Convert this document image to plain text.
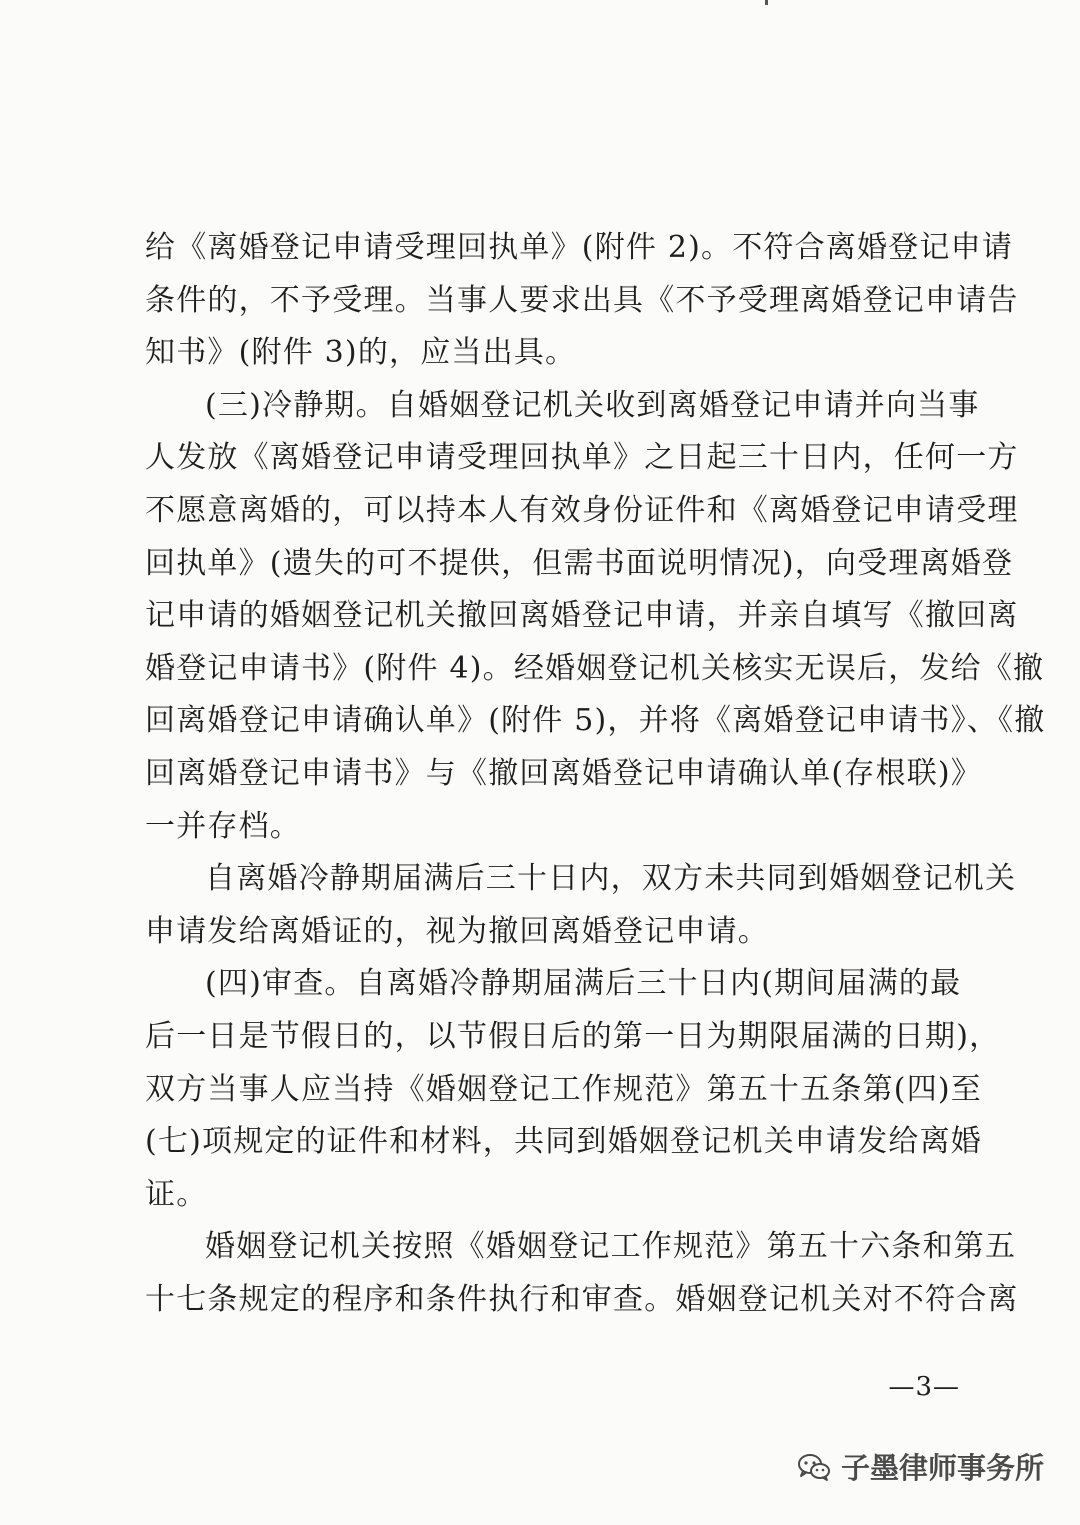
给《离婚登记申请受理回执单》(附件 2)。不符合离婚登记申请
条件的，不予受理。当事人要求出具《不予受理离婚登记申请告
知书》(附件 3)的，应当出具。
(三)冷静期。自婚姻登记机关收到离婚登记申请并向当事
人发放《离婚登记申请受理回执单》之日起三十日内，任何一方
不愿意离婚的，可以持本人有效身份证件和《离婚登记申请受理
回执单》(遗失的可不提供，但需书面说明情况)，向受理离婚登
记申请的婚姻登记机关撤回离婚登记申请，并亲自填写《撤回离
婚登记申请书》(附件 4)。经婚姻登记机关核实无误后，发给《撤
回离婚登记申请确认单》(附件 5)，并将《离婚登记申请书》、《撤
回离婚登记申请书》与《撤回离婚登记申请确认单(存根联)》
一并存档。
自离婚冷静期届满后三十日内，双方未共同到婚姻登记机关
申请发给离婚证的，视为撤回离婚登记申请。
(四)审查。自离婚冷静期届满后三十日内(期间届满的最
后一日是节假日的，以节假日后的第一日为期限届满的日期)，
双方当事人应当持《婚姻登记工作规范》第五十五条第(四)至
(七)项规定的证件和材料，共同到婚姻登记机关申请发给离婚
证。
婚姻登记机关按照《婚姻登记工作规范》第五十六条和第五
十七条规定的程序和条件执行和审查。婚姻登记机关对不符合离
—3—
子墨律师事务所
